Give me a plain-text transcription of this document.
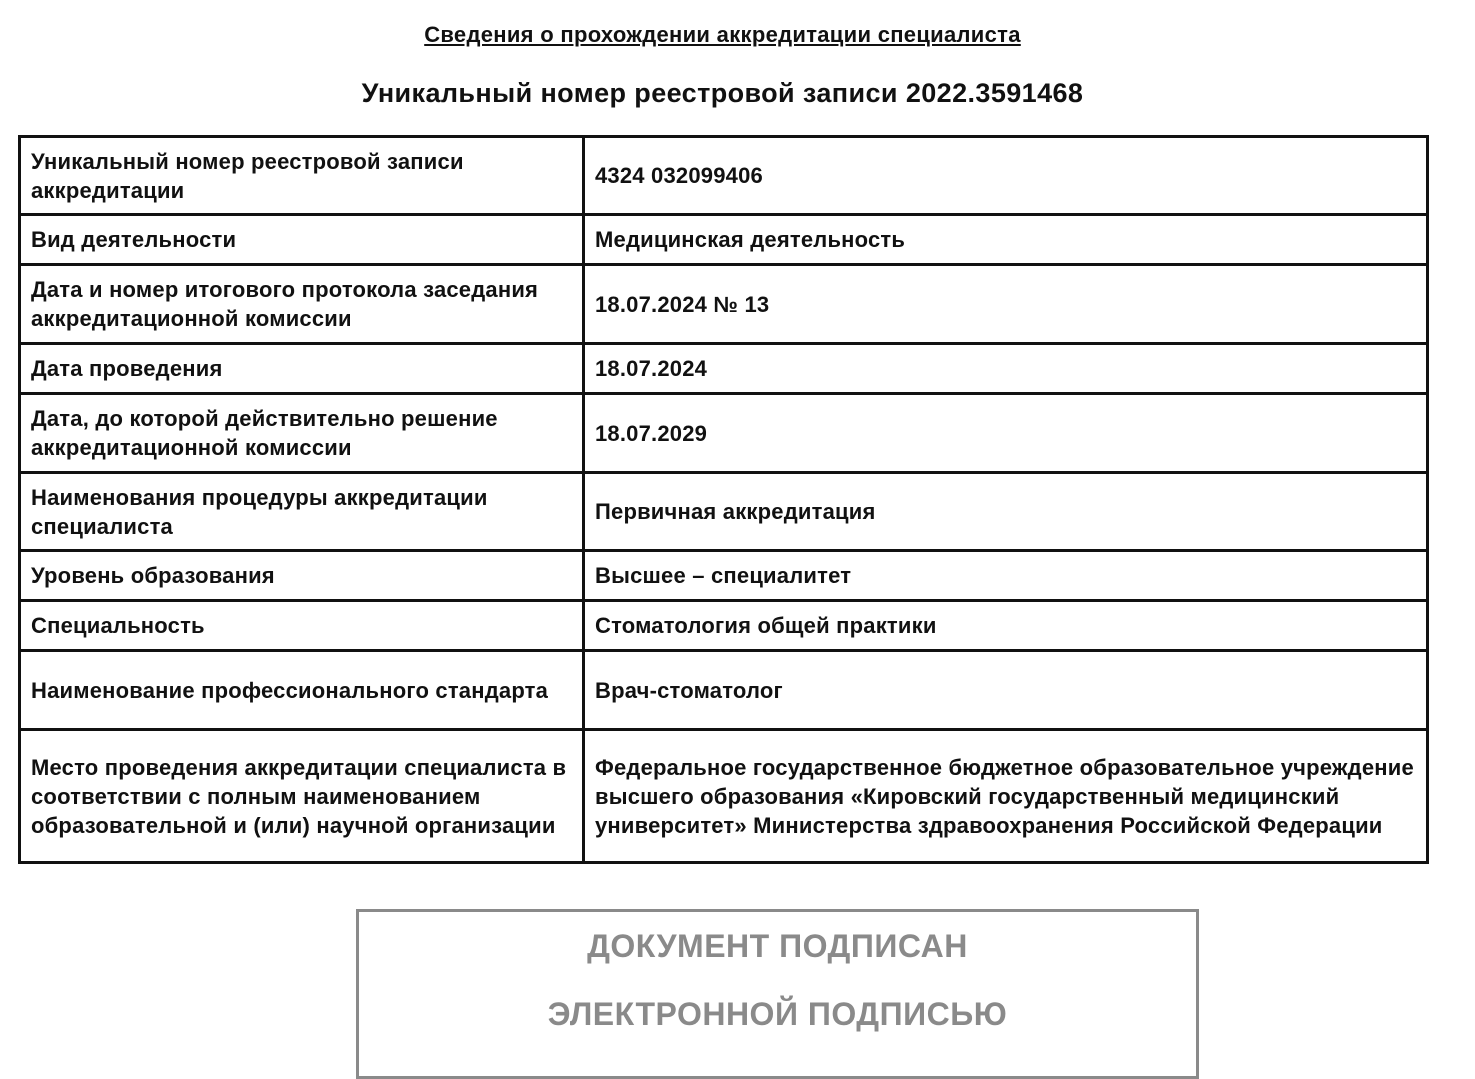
Сведения о прохождении аккредитации специалиста
Уникальный номер реестровой записи 2022.3591468
Уникальный номер реестровой записи аккредитации	4324 032099406
Вид деятельности	Медицинская деятельность
Дата и номер итогового протокола заседания аккредитационной комиссии	18.07.2024 № 13
Дата проведения	18.07.2024
Дата, до которой действительно решение аккредитационной комиссии	18.07.2029
Наименования процедуры аккредитации специалиста	Первичная аккредитация
Уровень образования	Высшее – специалитет
Специальность	Стоматология общей практики
Наименование профессионального стандарта	Врач-стоматолог
Место проведения аккредитации специалиста в соответствии с полным наименованием образовательной и (или) научной организации	Федеральное государственное бюджетное образовательное учреждение высшего образования «Кировский государственный медицинский университет» Министерства здравоохранения Российской Федерации
ДОКУМЕНТ ПОДПИСАН
ЭЛЕКТРОННОЙ ПОДПИСЬЮ
